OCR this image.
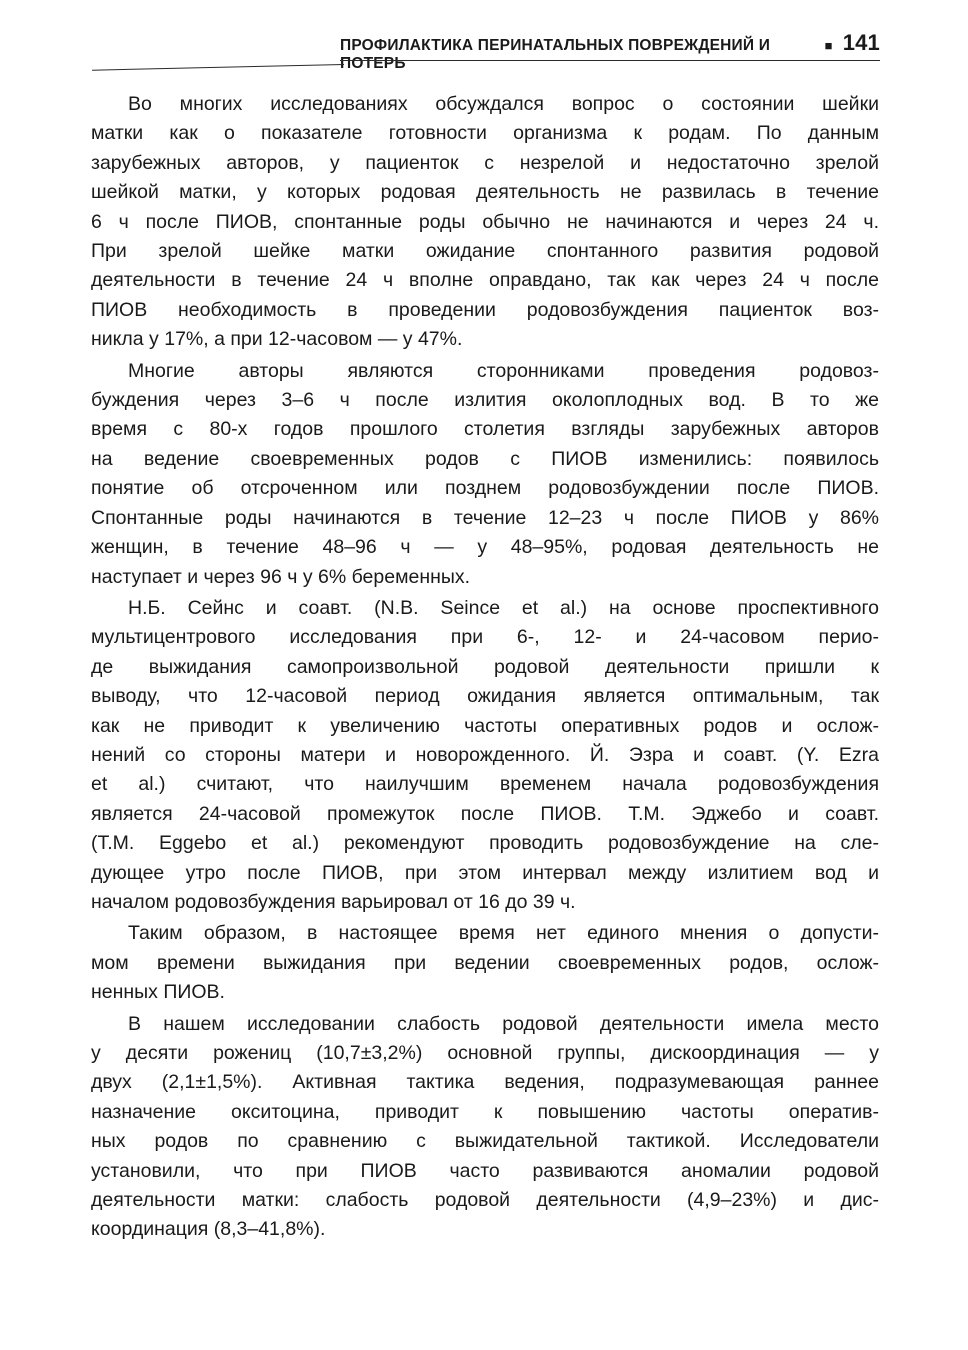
ПРОФИЛАКТИКА ПЕРИНАТАЛЬНЫХ ПОВРЕЖДЕНИЙ И ПОТЕРЬ
■ 141

Во многих исследованиях обсуждался вопрос о состоянии шейки
матки как о показателе готовности организма к родам. По данным
зарубежных авторов, у пациенток с незрелой и недостаточно зрелой
шейкой матки, у которых родовая деятельность не развилась в течение
6 ч после ПИОВ, спонтанные роды обычно не начинаются и через 24 ч.
При зрелой шейке матки ожидание спонтанного развития родовой
деятельности в течение 24 ч вполне оправдано, так как через 24 ч после
ПИОВ необходимость в проведении родовозбуждения пациенток воз-
никла у 17%, а при 12-часовом — у 47%.

Многие авторы являются сторонниками проведения родовоз-
буждения через 3–6 ч после излития околоплодных вод. В то же
время с 80-х годов прошлого столетия взгляды зарубежных авторов
на ведение своевременных родов с ПИОВ изменились: появилось
понятие об отсроченном или позднем родовозбуждении после ПИОВ.
Спонтанные роды начинаются в течение 12–23 ч после ПИОВ у 86%
женщин, в течение 48–96 ч — у 48–95%, родовая деятельность не
наступает и через 96 ч у 6% беременных.

Н.Б. Сейнс и соавт. (N.B. Seince et al.) на основе проспективного
мультицентрового исследования при 6-, 12- и 24-часовом перио-
де выжидания самопроизвольной родовой деятельности пришли к
выводу, что 12-часовой период ожидания является оптимальным, так
как не приводит к увеличению частоты оперативных родов и ослож-
нений со стороны матери и новорожденного. Й. Эзра и соавт. (Y. Ezra
et al.) считают, что наилучшим временем начала родовозбуждения
является 24-часовой промежуток после ПИОВ. Т.М. Эджебо и соавт.
(T.M. Eggebo et al.) рекомендуют проводить родовозбуждение на сле-
дующее утро после ПИОВ, при этом интервал между излитием вод и
началом родовозбуждения варьировал от 16 до 39 ч.

Таким образом, в настоящее время нет единого мнения о допусти-
мом времени выжидания при ведении своевременных родов, ослож-
ненных ПИОВ.

В нашем исследовании слабость родовой деятельности имела место
у десяти рожениц (10,7±3,2%) основной группы, дискоординация — у
двух (2,1±1,5%). Активная тактика ведения, подразумевающая раннее
назначение окситоцина, приводит к повышению частоты оператив-
ных родов по сравнению с выжидательной тактикой. Исследователи
установили, что при ПИОВ часто развиваются аномалии родовой
деятельности матки: слабость родовой деятельности (4,9–23%) и дис-
координация (8,3–41,8%).
